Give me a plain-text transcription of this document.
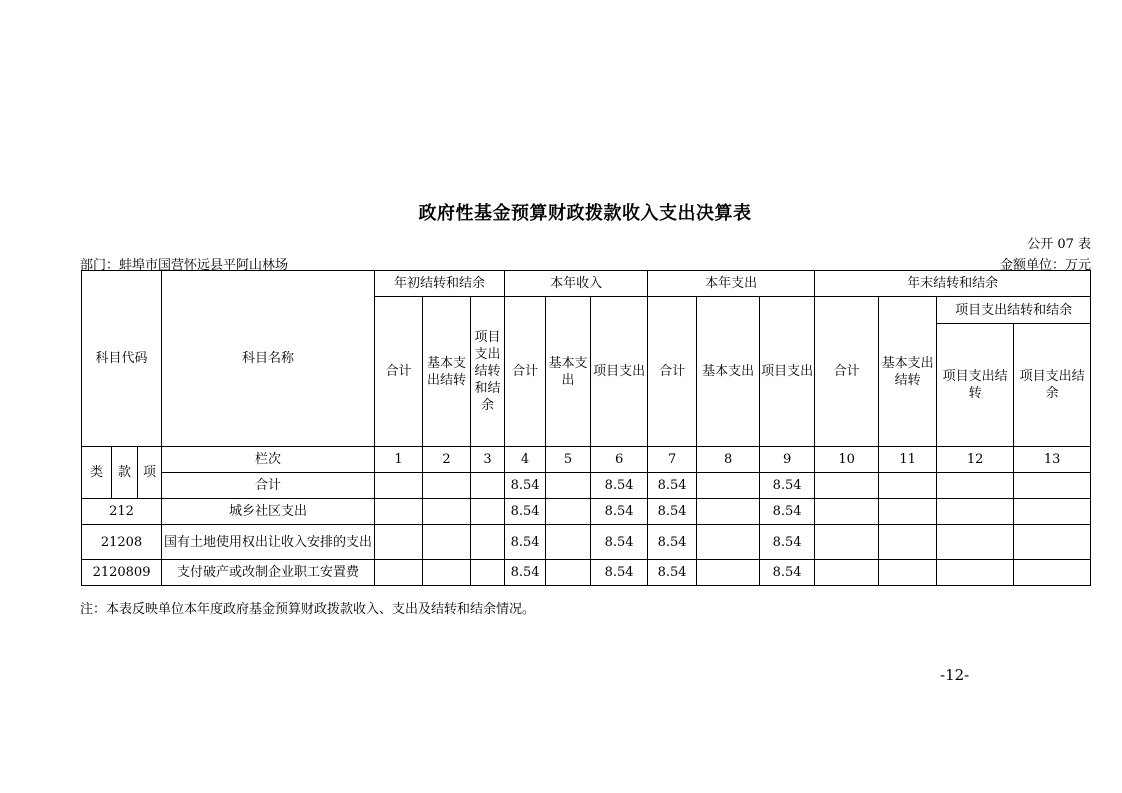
政府性基金预算财政拨款收入支出决算表
公开 07 表
部门：蚌埠市国营怀远县平阿山林场	金额单位：万元
科目代码			科目名称	年初结转和结余			本年收入			本年支出			年末结转和结余			
				合计	基本支出结转	项目支出结转和结余	合计	基本支出	项目支出	合计	基本支出	项目支出	合计	基本支出结转	项目支出结转和结余	
															项目支出结转	项目支出结余
类	款	项	栏次	1	2	3	4	5	6	7	8	9	10	11	12	13
			合计				8.54		8.54	8.54		8.54				
212			城乡社区支出				8.54		8.54	8.54		8.54				
21208			国有土地使用权出让收入安排的支出				8.54		8.54	8.54		8.54				
2120809			支付破产或改制企业职工安置费				8.54		8.54	8.54		8.54				
注：本表反映单位本年度政府基金预算财政拨款收入、支出及结转和结余情况。
-12-
